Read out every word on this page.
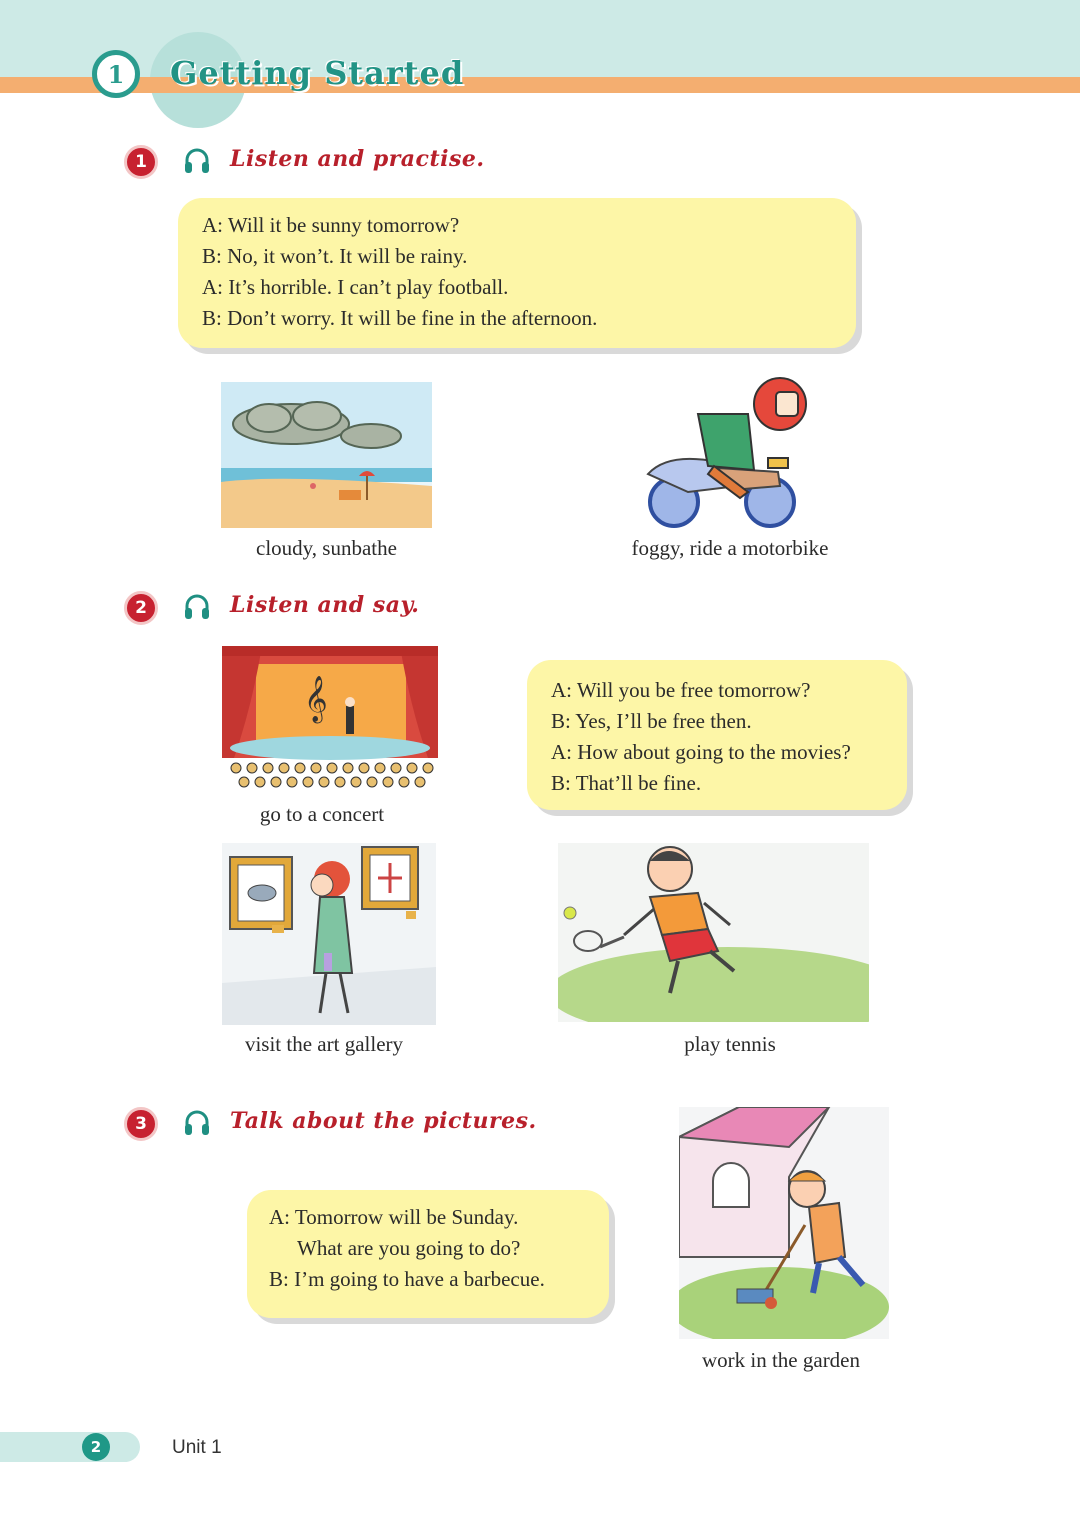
1	Getting Started
1	Listen and practise.
A: Will it be sunny tomorrow?
B: No, it won’t. It will be rainy.
A: It’s horrible. I can’t play football.
B: Don’t worry. It will be fine in the afternoon.
cloudy, sunbathe	foggy, ride a motorbike
2	Listen and say.
𝄞
go to a concert
A: Will you be free tomorrow?
B: Yes, I’ll be free then.
A: How about going to the movies?
B: That’ll be fine.
visit the art gallery	play tennis
3	Talk about the pictures.
A: Tomorrow will be Sunday.
What are you going to do?
B: I’m going to have a barbecue.
work in the garden
2	Unit 1
